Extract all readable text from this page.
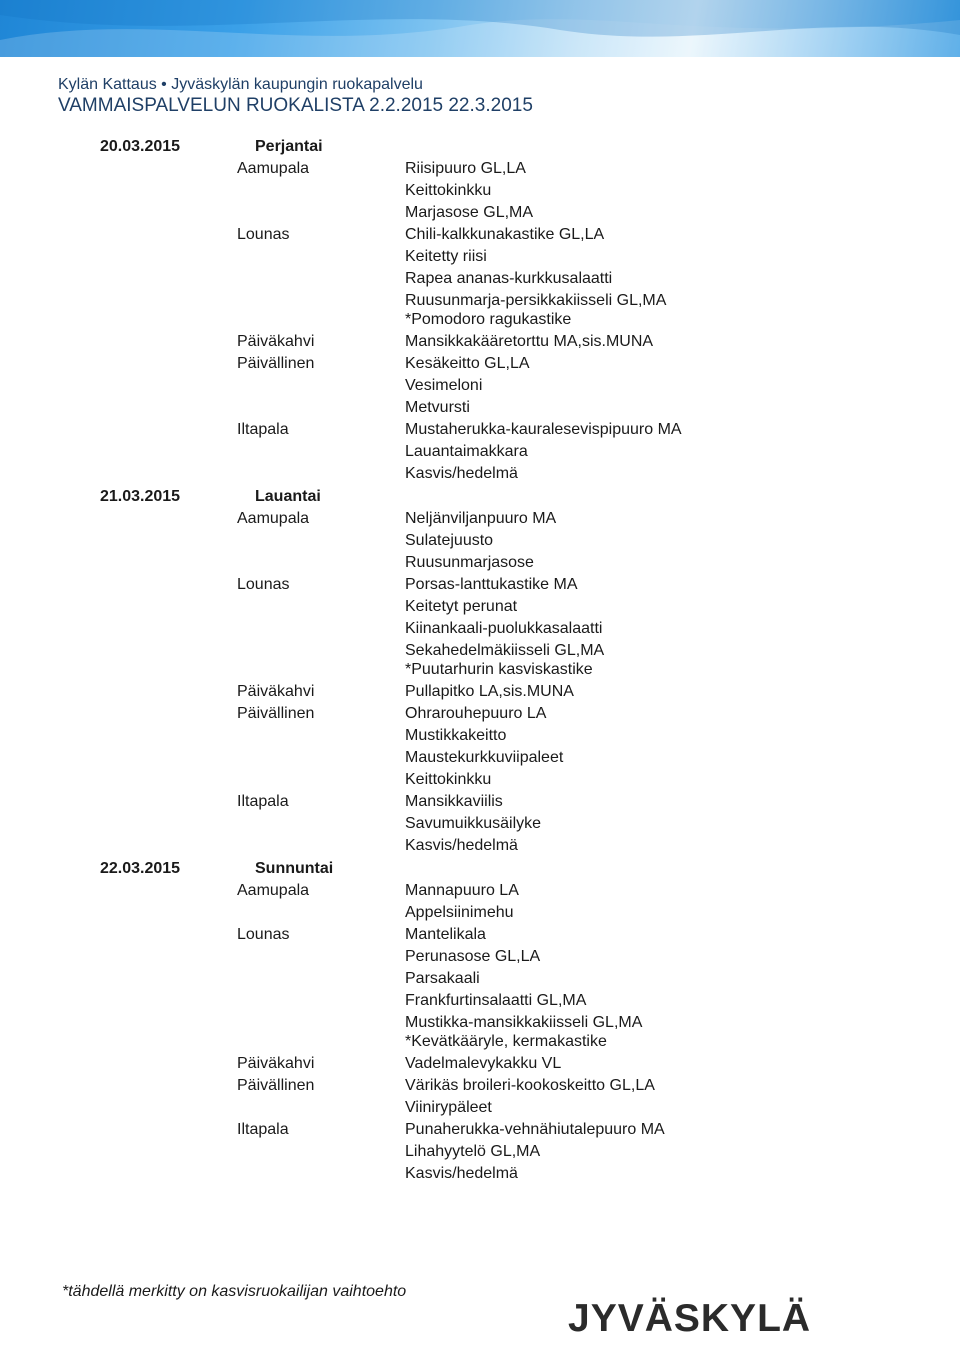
Kylän Kattaus • Jyväskylän kaupungin ruokapalvelu
VAMMAISPALVELUN RUOKALISTA 2.2.2015 22.3.2015
20.03.2015	Perjantai
Aamupala	Riisipuuro GL,LA
Keittokinkku
Marjasose GL,MA
Lounas	Chili-kalkkunakastike GL,LA
Keitetty riisi
Rapea ananas-kurkkusalaatti
Ruusunmarja-persikkakiisseli GL,MA
*Pomodoro ragukastike
Päiväkahvi	Mansikkakääretorttu MA,sis.MUNA
Päivällinen	Kesäkeitto GL,LA
Vesimeloni
Metvursti
Iltapala	Mustaherukka-kauralesevispipuuro MA
Lauantaimakkara
Kasvis/hedelmä
21.03.2015	Lauantai
Aamupala	Neljänviljanpuuro MA
Sulatejuusto
Ruusunmarjasose
Lounas	Porsas-lanttukastike MA
Keitetyt perunat
Kiinankaali-puolukkasalaatti
Sekahedelmäkiisseli GL,MA
*Puutarhurin kasviskastike
Päiväkahvi	Pullapitko LA,sis.MUNA
Päivällinen	Ohrarouhepuuro LA
Mustikkakeitto
Maustekurkkuviipaleet
Keittokinkku
Iltapala	Mansikkaviilis
Savumuikkusäilyke
Kasvis/hedelmä
22.03.2015	Sunnuntai
Aamupala	Mannapuuro LA
Appelsiinimehu
Lounas	Mantelikala
Perunasose GL,LA
Parsakaali
Frankfurtinsalaatti GL,MA
Mustikka-mansikkakiisseli GL,MA
*Kevätkääryle, kermakastike
Päiväkahvi	Vadelmalevykakku VL
Päivällinen	Värikäs broileri-kookoskeitto GL,LA
Viinirypäleet
Iltapala	Punaherukka-vehnähiutalepuuro MA
Lihahyytelö GL,MA
Kasvis/hedelmä
*tähdellä merkitty on kasvisruokailijan vaihtoehto
JYVÄSKYLÄ
